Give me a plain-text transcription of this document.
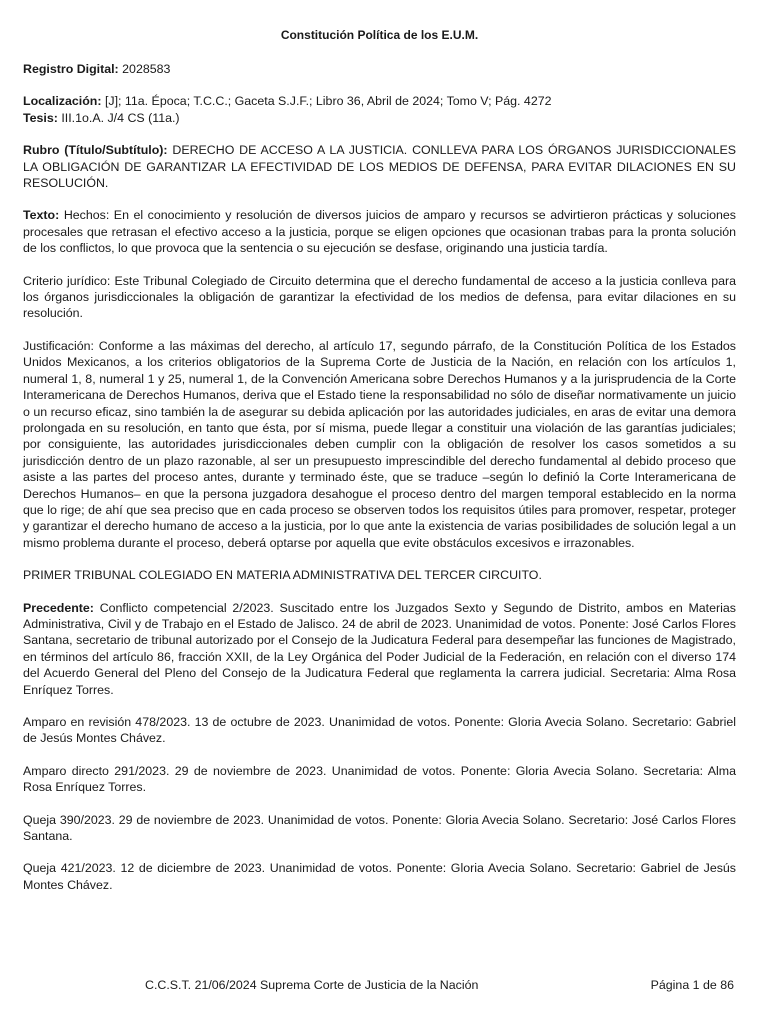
Constitución Política de los E.U.M.

Registro Digital: 2028583

Localización: [J]; 11a. Época; T.C.C.; Gaceta S.J.F.; Libro 36, Abril de 2024; Tomo V; Pág. 4272

Tesis: III.1o.A. J/4 CS (11a.)

Rubro (Título/Subtítulo): DERECHO DE ACCESO A LA JUSTICIA. CONLLEVA PARA LOS ÓRGANOS JURISDICCIONALES LA OBLIGACIÓN DE GARANTIZAR LA EFECTIVIDAD DE LOS MEDIOS DE DEFENSA, PARA EVITAR DILACIONES EN SU RESOLUCIÓN.

Texto: Hechos: En el conocimiento y resolución de diversos juicios de amparo y recursos se advirtieron prácticas y soluciones procesales que retrasan el efectivo acceso a la justicia, porque se eligen opciones que ocasionan trabas para la pronta solución de los conflictos, lo que provoca que la sentencia o su ejecución se desfase, originando una justicia tardía.

Criterio jurídico: Este Tribunal Colegiado de Circuito determina que el derecho fundamental de acceso a la justicia conlleva para los órganos jurisdiccionales la obligación de garantizar la efectividad de los medios de defensa, para evitar dilaciones en su resolución.

Justificación: Conforme a las máximas del derecho, al artículo 17, segundo párrafo, de la Constitución Política de los Estados Unidos Mexicanos, a los criterios obligatorios de la Suprema Corte de Justicia de la Nación, en relación con los artículos 1, numeral 1, 8, numeral 1 y 25, numeral 1, de la Convención Americana sobre Derechos Humanos y a la jurisprudencia de la Corte Interamericana de Derechos Humanos, deriva que el Estado tiene la responsabilidad no sólo de diseñar normativamente un juicio o un recurso eficaz, sino también la de asegurar su debida aplicación por las autoridades judiciales, en aras de evitar una demora prolongada en su resolución, en tanto que ésta, por sí misma, puede llegar a constituir una violación de las garantías judiciales; por consiguiente, las autoridades jurisdiccionales deben cumplir con la obligación de resolver los casos sometidos a su jurisdicción dentro de un plazo razonable, al ser un presupuesto imprescindible del derecho fundamental al debido proceso que asiste a las partes del proceso antes, durante y terminado éste, que se traduce –según lo definió la Corte Interamericana de Derechos Humanos– en que la persona juzgadora desahogue el proceso dentro del margen temporal establecido en la norma que lo rige; de ahí que sea preciso que en cada proceso se observen todos los requisitos útiles para promover, respetar, proteger y garantizar el derecho humano de acceso a la justicia, por lo que ante la existencia de varias posibilidades de solución legal a un mismo problema durante el proceso, deberá optarse por aquella que evite obstáculos excesivos e irrazonables.

PRIMER TRIBUNAL COLEGIADO EN MATERIA ADMINISTRATIVA DEL TERCER CIRCUITO.

Precedente: Conflicto competencial 2/2023. Suscitado entre los Juzgados Sexto y Segundo de Distrito, ambos en Materias Administrativa, Civil y de Trabajo en el Estado de Jalisco. 24 de abril de 2023. Unanimidad de votos. Ponente: José Carlos Flores Santana, secretario de tribunal autorizado por el Consejo de la Judicatura Federal para desempeñar las funciones de Magistrado, en términos del artículo 86, fracción XXII, de la Ley Orgánica del Poder Judicial de la Federación, en relación con el diverso 174 del Acuerdo General del Pleno del Consejo de la Judicatura Federal que reglamenta la carrera judicial. Secretaria: Alma Rosa Enríquez Torres.

Amparo en revisión 478/2023. 13 de octubre de 2023. Unanimidad de votos. Ponente: Gloria Avecia Solano. Secretario: Gabriel de Jesús Montes Chávez.

Amparo directo 291/2023. 29 de noviembre de 2023. Unanimidad de votos. Ponente: Gloria Avecia Solano. Secretaria: Alma Rosa Enríquez Torres.

Queja 390/2023. 29 de noviembre de 2023. Unanimidad de votos. Ponente: Gloria Avecia Solano. Secretario: José Carlos Flores Santana.

Queja 421/2023. 12 de diciembre de 2023. Unanimidad de votos. Ponente: Gloria Avecia Solano. Secretario: Gabriel de Jesús Montes Chávez.

C.C.S.T. 21/06/2024 Suprema Corte de Justicia de la Nación	Página 1 de 86
